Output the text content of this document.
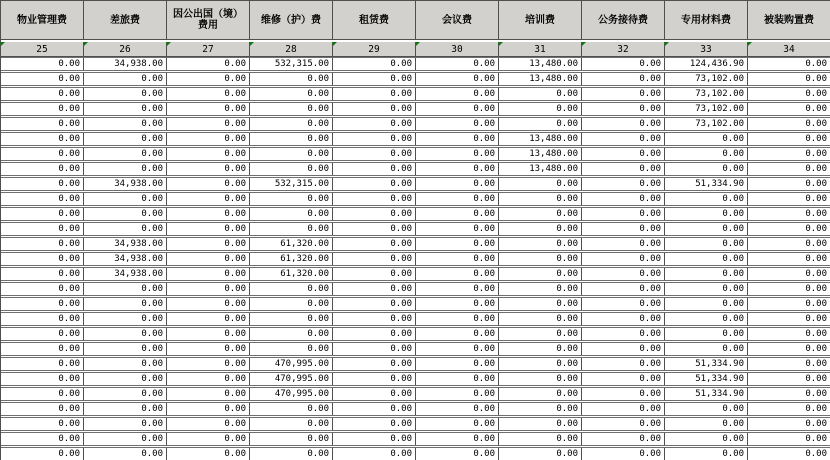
物业管理费	差旅费	因公出国（境）费用	维修（护）费	租赁费	会议费	培训费	公务接待费	专用材料费	被装购置费
25	26	27	28	29	30	31	32	33	34
0.00	34,938.00	0.00	532,315.00	0.00	0.00	13,480.00	0.00	124,436.90	0.00
0.00	0.00	0.00	0.00	0.00	0.00	13,480.00	0.00	73,102.00	0.00
0.00	0.00	0.00	0.00	0.00	0.00	0.00	0.00	73,102.00	0.00
0.00	0.00	0.00	0.00	0.00	0.00	0.00	0.00	73,102.00	0.00
0.00	0.00	0.00	0.00	0.00	0.00	0.00	0.00	73,102.00	0.00
0.00	0.00	0.00	0.00	0.00	0.00	13,480.00	0.00	0.00	0.00
0.00	0.00	0.00	0.00	0.00	0.00	13,480.00	0.00	0.00	0.00
0.00	0.00	0.00	0.00	0.00	0.00	13,480.00	0.00	0.00	0.00
0.00	34,938.00	0.00	532,315.00	0.00	0.00	0.00	0.00	51,334.90	0.00
0.00	0.00	0.00	0.00	0.00	0.00	0.00	0.00	0.00	0.00
0.00	0.00	0.00	0.00	0.00	0.00	0.00	0.00	0.00	0.00
0.00	0.00	0.00	0.00	0.00	0.00	0.00	0.00	0.00	0.00
0.00	34,938.00	0.00	61,320.00	0.00	0.00	0.00	0.00	0.00	0.00
0.00	34,938.00	0.00	61,320.00	0.00	0.00	0.00	0.00	0.00	0.00
0.00	34,938.00	0.00	61,320.00	0.00	0.00	0.00	0.00	0.00	0.00
0.00	0.00	0.00	0.00	0.00	0.00	0.00	0.00	0.00	0.00
0.00	0.00	0.00	0.00	0.00	0.00	0.00	0.00	0.00	0.00
0.00	0.00	0.00	0.00	0.00	0.00	0.00	0.00	0.00	0.00
0.00	0.00	0.00	0.00	0.00	0.00	0.00	0.00	0.00	0.00
0.00	0.00	0.00	0.00	0.00	0.00	0.00	0.00	0.00	0.00
0.00	0.00	0.00	470,995.00	0.00	0.00	0.00	0.00	51,334.90	0.00
0.00	0.00	0.00	470,995.00	0.00	0.00	0.00	0.00	51,334.90	0.00
0.00	0.00	0.00	470,995.00	0.00	0.00	0.00	0.00	51,334.90	0.00
0.00	0.00	0.00	0.00	0.00	0.00	0.00	0.00	0.00	0.00
0.00	0.00	0.00	0.00	0.00	0.00	0.00	0.00	0.00	0.00
0.00	0.00	0.00	0.00	0.00	0.00	0.00	0.00	0.00	0.00
0.00	0.00	0.00	0.00	0.00	0.00	0.00	0.00	0.00	0.00
